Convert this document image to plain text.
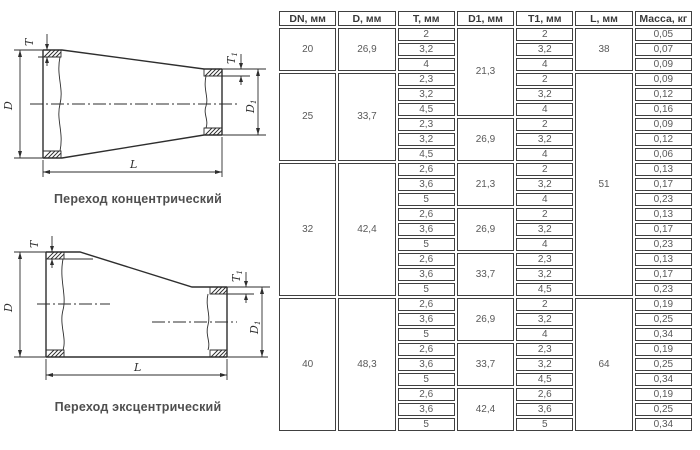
D
T
T1
D1
L
Переход концентрический
D
T
T1
D1
L
Переход эксцентрический
DN, мм	D, мм	T, мм	D1, мм	T1, мм	L, мм	Масса, кг
20	26,9	2	21,3	2	38	0,05
		3,2		3,2		0,07
		4		4		0,09
25	33,7	2,3		2	51	0,09
		3,2		3,2		0,12
		4,5		4		0,16
		2,3	26,9	2		0,09
		3,2		3,2		0,12
		4,5		4		0,06
32	42,4	2,6	21,3	2		0,13
		3,6		3,2		0,17
		5		4		0,23
		2,6	26,9	2		0,13
		3,6		3,2		0,17
		5		4		0,23
		2,6	33,7	2,3		0,13
		3,6		3,2		0,17
		5		4,5		0,23
40	48,3	2,6	26,9	2	64	0,19
		3,6		3,2		0,25
		5		4		0,34
		2,6	33,7	2,3		0,19
		3,6		3,2		0,25
		5		4,5		0,34
		2,6	42,4	2,6		0,19
		3,6		3,6		0,25
		5		5		0,34
